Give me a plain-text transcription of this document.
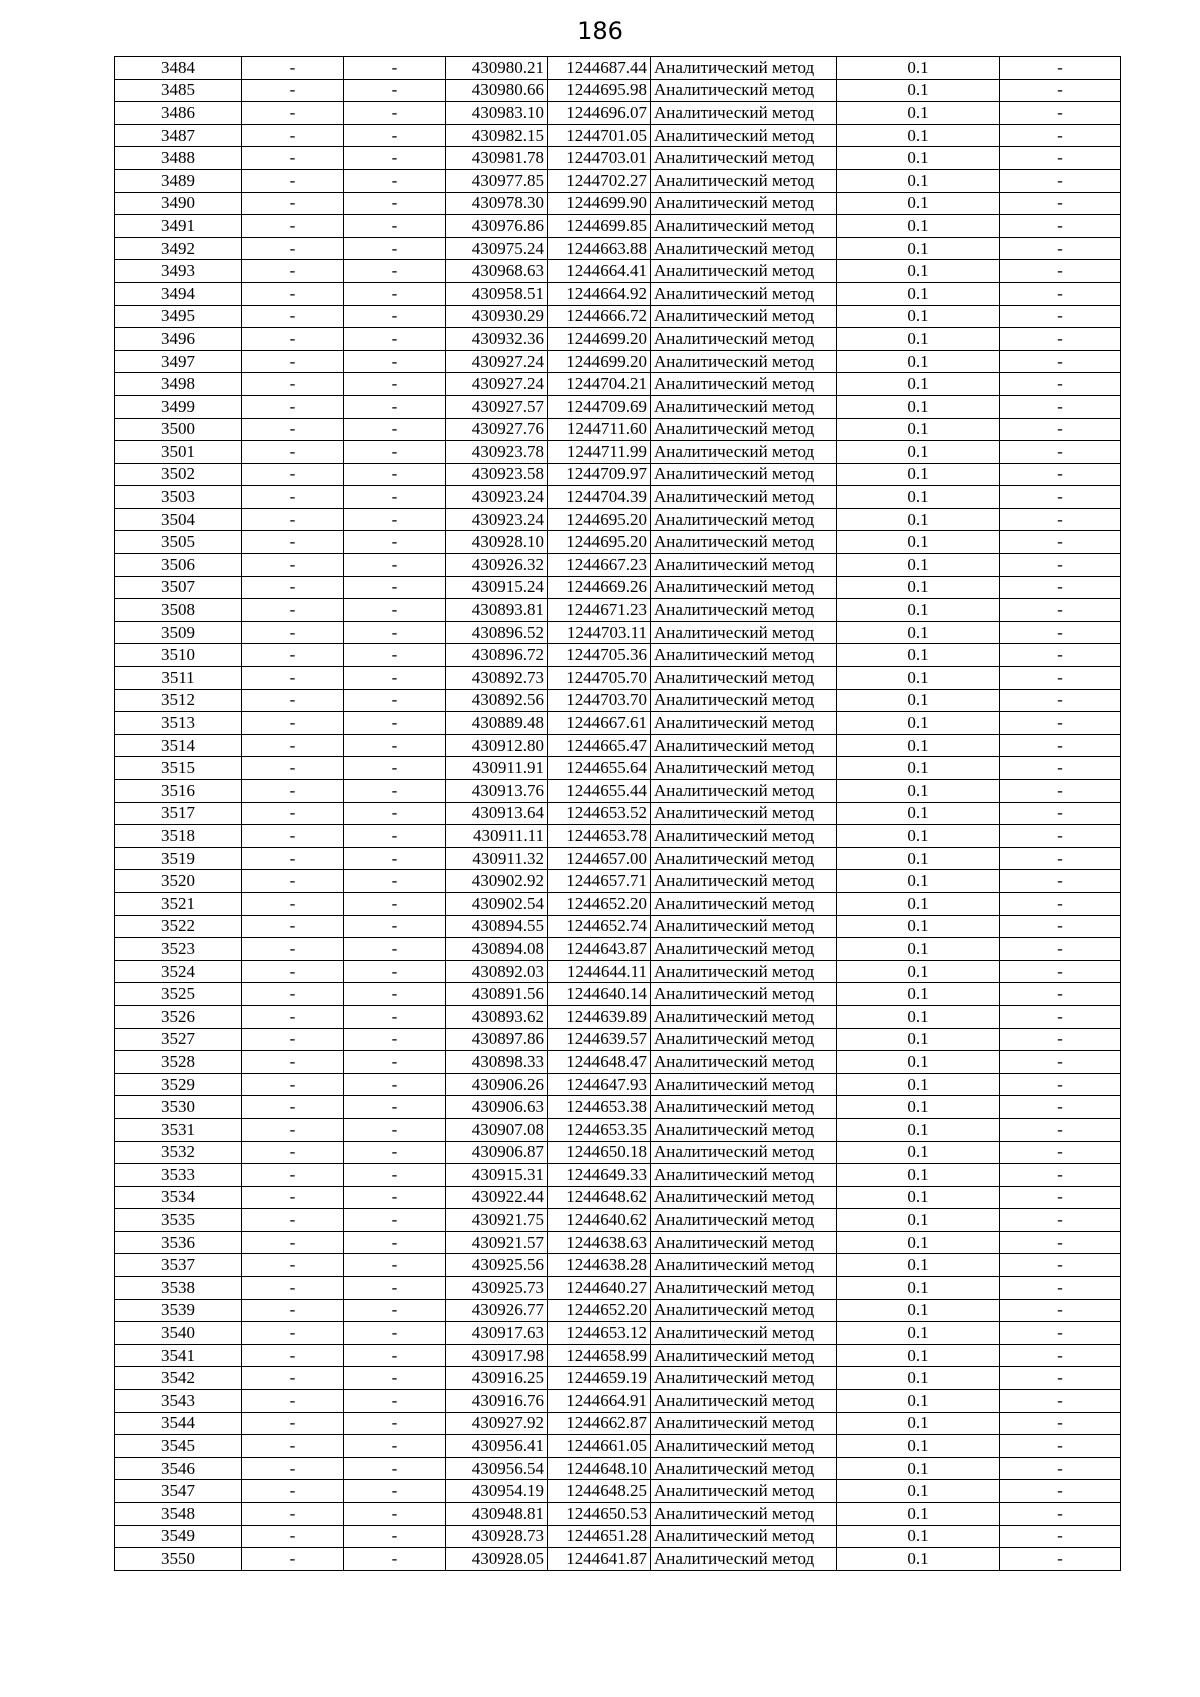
186
3484	-	-	430980.21	1244687.44	Аналитический метод	0.1	-
3485	-	-	430980.66	1244695.98	Аналитический метод	0.1	-
3486	-	-	430983.10	1244696.07	Аналитический метод	0.1	-
3487	-	-	430982.15	1244701.05	Аналитический метод	0.1	-
3488	-	-	430981.78	1244703.01	Аналитический метод	0.1	-
3489	-	-	430977.85	1244702.27	Аналитический метод	0.1	-
3490	-	-	430978.30	1244699.90	Аналитический метод	0.1	-
3491	-	-	430976.86	1244699.85	Аналитический метод	0.1	-
3492	-	-	430975.24	1244663.88	Аналитический метод	0.1	-
3493	-	-	430968.63	1244664.41	Аналитический метод	0.1	-
3494	-	-	430958.51	1244664.92	Аналитический метод	0.1	-
3495	-	-	430930.29	1244666.72	Аналитический метод	0.1	-
3496	-	-	430932.36	1244699.20	Аналитический метод	0.1	-
3497	-	-	430927.24	1244699.20	Аналитический метод	0.1	-
3498	-	-	430927.24	1244704.21	Аналитический метод	0.1	-
3499	-	-	430927.57	1244709.69	Аналитический метод	0.1	-
3500	-	-	430927.76	1244711.60	Аналитический метод	0.1	-
3501	-	-	430923.78	1244711.99	Аналитический метод	0.1	-
3502	-	-	430923.58	1244709.97	Аналитический метод	0.1	-
3503	-	-	430923.24	1244704.39	Аналитический метод	0.1	-
3504	-	-	430923.24	1244695.20	Аналитический метод	0.1	-
3505	-	-	430928.10	1244695.20	Аналитический метод	0.1	-
3506	-	-	430926.32	1244667.23	Аналитический метод	0.1	-
3507	-	-	430915.24	1244669.26	Аналитический метод	0.1	-
3508	-	-	430893.81	1244671.23	Аналитический метод	0.1	-
3509	-	-	430896.52	1244703.11	Аналитический метод	0.1	-
3510	-	-	430896.72	1244705.36	Аналитический метод	0.1	-
3511	-	-	430892.73	1244705.70	Аналитический метод	0.1	-
3512	-	-	430892.56	1244703.70	Аналитический метод	0.1	-
3513	-	-	430889.48	1244667.61	Аналитический метод	0.1	-
3514	-	-	430912.80	1244665.47	Аналитический метод	0.1	-
3515	-	-	430911.91	1244655.64	Аналитический метод	0.1	-
3516	-	-	430913.76	1244655.44	Аналитический метод	0.1	-
3517	-	-	430913.64	1244653.52	Аналитический метод	0.1	-
3518	-	-	430911.11	1244653.78	Аналитический метод	0.1	-
3519	-	-	430911.32	1244657.00	Аналитический метод	0.1	-
3520	-	-	430902.92	1244657.71	Аналитический метод	0.1	-
3521	-	-	430902.54	1244652.20	Аналитический метод	0.1	-
3522	-	-	430894.55	1244652.74	Аналитический метод	0.1	-
3523	-	-	430894.08	1244643.87	Аналитический метод	0.1	-
3524	-	-	430892.03	1244644.11	Аналитический метод	0.1	-
3525	-	-	430891.56	1244640.14	Аналитический метод	0.1	-
3526	-	-	430893.62	1244639.89	Аналитический метод	0.1	-
3527	-	-	430897.86	1244639.57	Аналитический метод	0.1	-
3528	-	-	430898.33	1244648.47	Аналитический метод	0.1	-
3529	-	-	430906.26	1244647.93	Аналитический метод	0.1	-
3530	-	-	430906.63	1244653.38	Аналитический метод	0.1	-
3531	-	-	430907.08	1244653.35	Аналитический метод	0.1	-
3532	-	-	430906.87	1244650.18	Аналитический метод	0.1	-
3533	-	-	430915.31	1244649.33	Аналитический метод	0.1	-
3534	-	-	430922.44	1244648.62	Аналитический метод	0.1	-
3535	-	-	430921.75	1244640.62	Аналитический метод	0.1	-
3536	-	-	430921.57	1244638.63	Аналитический метод	0.1	-
3537	-	-	430925.56	1244638.28	Аналитический метод	0.1	-
3538	-	-	430925.73	1244640.27	Аналитический метод	0.1	-
3539	-	-	430926.77	1244652.20	Аналитический метод	0.1	-
3540	-	-	430917.63	1244653.12	Аналитический метод	0.1	-
3541	-	-	430917.98	1244658.99	Аналитический метод	0.1	-
3542	-	-	430916.25	1244659.19	Аналитический метод	0.1	-
3543	-	-	430916.76	1244664.91	Аналитический метод	0.1	-
3544	-	-	430927.92	1244662.87	Аналитический метод	0.1	-
3545	-	-	430956.41	1244661.05	Аналитический метод	0.1	-
3546	-	-	430956.54	1244648.10	Аналитический метод	0.1	-
3547	-	-	430954.19	1244648.25	Аналитический метод	0.1	-
3548	-	-	430948.81	1244650.53	Аналитический метод	0.1	-
3549	-	-	430928.73	1244651.28	Аналитический метод	0.1	-
3550	-	-	430928.05	1244641.87	Аналитический метод	0.1	-
